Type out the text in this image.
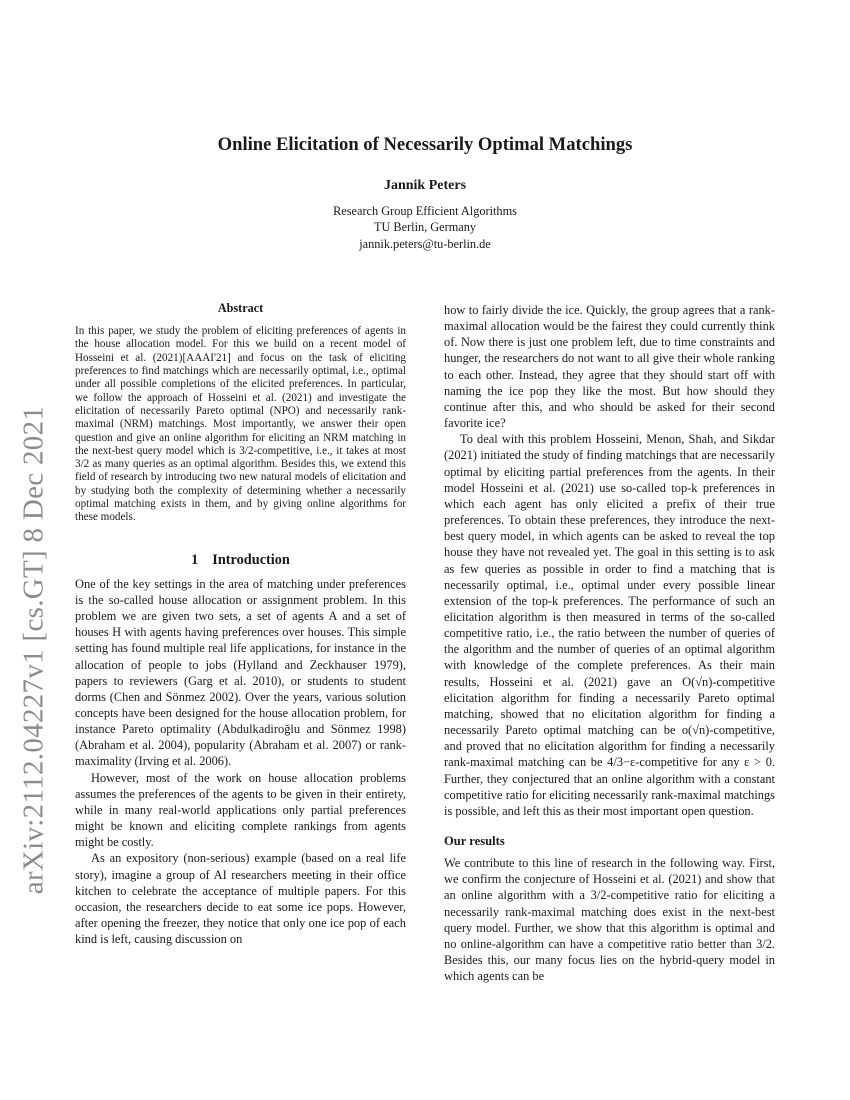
arXiv:2112.04227v1 [cs.GT] 8 Dec 2021
Online Elicitation of Necessarily Optimal Matchings
Jannik Peters
Research Group Efficient Algorithms
TU Berlin, Germany
jannik.peters@tu-berlin.de
Abstract

In this paper, we study the problem of eliciting preferences of agents in the house allocation model. For this we build on a recent model of Hosseini et al. (2021)[AAAI'21] and focus on the task of eliciting preferences to find matchings which are necessarily optimal, i.e., optimal under all possible completions of the elicited preferences. In particular, we follow the approach of Hosseini et al. (2021) and investigate the elicitation of necessarily Pareto optimal (NPO) and necessarily rank-maximal (NRM) matchings. Most importantly, we answer their open question and give an online algorithm for eliciting an NRM matching in the next-best query model which is 3/2-competitive, i.e., it takes at most 3/2 as many queries as an optimal algorithm. Besides this, we extend this field of research by introducing two new natural models of elicitation and by studying both the complexity of determining whether a necessarily optimal matching exists in them, and by giving online algorithms for these models.

1 Introduction

One of the key settings in the area of matching under preferences is the so-called house allocation or assignment problem. In this problem we are given two sets, a set of agents A and a set of houses H with agents having preferences over houses. This simple setting has found multiple real life applications, for instance in the allocation of people to jobs (Hylland and Zeckhauser 1979), papers to reviewers (Garg et al. 2010), or students to student dorms (Chen and Sönmez 2002). Over the years, various solution concepts have been designed for the house allocation problem, for instance Pareto optimality (Abdulkadiroğlu and Sönmez 1998) (Abraham et al. 2004), popularity (Abraham et al. 2007) or rank-maximality (Irving et al. 2006).

However, most of the work on house allocation problems assumes the preferences of the agents to be given in their entirety, while in many real-world applications only partial preferences might be known and eliciting complete rankings from agents might be costly.

As an expository (non-serious) example (based on a real life story), imagine a group of AI researchers meeting in their office kitchen to celebrate the acceptance of multiple papers. For this occasion, the researchers decide to eat some ice pops. However, after opening the freezer, they notice that only one ice pop of each kind is left, causing discussion on

how to fairly divide the ice. Quickly, the group agrees that a rank-maximal allocation would be the fairest they could currently think of. Now there is just one problem left, due to time constraints and hunger, the researchers do not want to all give their whole ranking to each other. Instead, they agree that they should start off with naming the ice pop they like the most. But how should they continue after this, and who should be asked for their second favorite ice?

To deal with this problem Hosseini, Menon, Shah, and Sikdar (2021) initiated the study of finding matchings that are necessarily optimal by eliciting partial preferences from the agents. In their model Hosseini et al. (2021) use so-called top-k preferences in which each agent has only elicited a prefix of their true preferences. To obtain these preferences, they introduce the next-best query model, in which agents can be asked to reveal the top house they have not revealed yet. The goal in this setting is to ask as few queries as possible in order to find a matching that is necessarily optimal, i.e., optimal under every possible linear extension of the top-k preferences. The performance of such an elicitation algorithm is then measured in terms of the so-called competitive ratio, i.e., the ratio between the number of queries of the algorithm and the number of queries of an optimal algorithm with knowledge of the complete preferences. As their main results, Hosseini et al. (2021) gave an O(√n)-competitive elicitation algorithm for finding a necessarily Pareto optimal matching, showed that no elicitation algorithm for finding a necessarily Pareto optimal matching can be o(√n)-competitive, and proved that no elicitation algorithm for finding a necessarily rank-maximal matching can be 4/3−ε-competitive for any ε > 0. Further, they conjectured that an online algorithm with a constant competitive ratio for eliciting necessarily rank-maximal matchings is possible, and left this as their most important open question.

Our results

We contribute to this line of research in the following way. First, we confirm the conjecture of Hosseini et al. (2021) and show that an online algorithm with a 3/2-competitive ratio for eliciting a necessarily rank-maximal matching does exist in the next-best query model. Further, we show that this algorithm is optimal and no online-algorithm can have a competitive ratio better than 3/2. Besides this, our many focus lies on the hybrid-query model in which agents can be
